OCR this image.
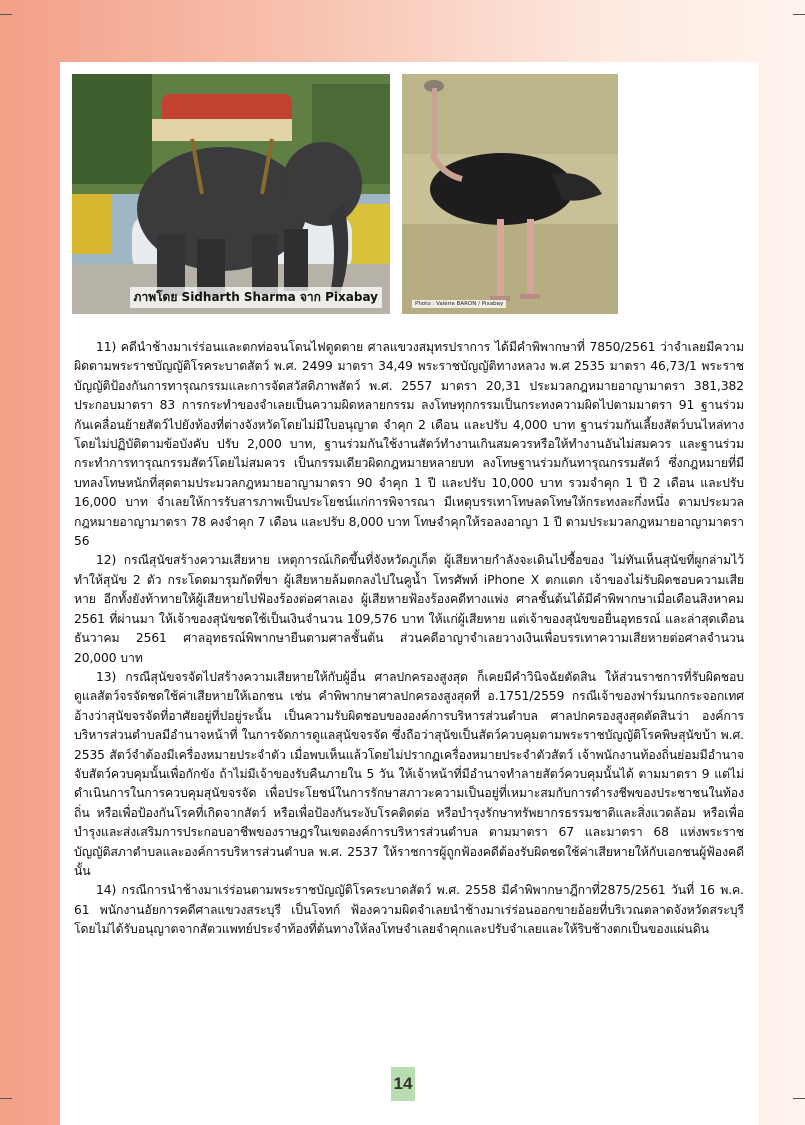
ภาพโดย Sidharth Sharma จาก Pixabay	Photo : Valérie BARON / Pixabay

11) คดีนำช้างมาเร่ร่อนและตกท่อจนโดนไฟดูดตาย ศาลแขวงสมุทรปราการ ได้มีคำพิพากษาที่ 7850/2561 ว่าจำเลยมีความผิดตามพระราชบัญญัติโรคระบาดสัตว์ พ.ศ. 2499 มาตรา 34,49 พระราชบัญญัติทางหลวง พ.ศ 2535 มาตรา 46,73/1 พระราชบัญญัติป้องกันการทารุณกรรมและการจัดสวัสดิภาพสัตว์ พ.ศ. 2557 มาตรา 20,31 ประมวลกฎหมายอาญามาตรา 381,382 ประกอบมาตรา 83 การกระทำของจำเลยเป็นความผิดหลายกรรม ลงโทษทุกกรรมเป็นกระทงความผิดไปตามมาตรา 91 ฐานร่วมกันเคลื่อนย้ายสัตว์ไปยังท้องที่ต่างจังหวัดโดยไม่มีใบอนุญาต จำคุก 2 เดือน และปรับ 4,000 บาท ฐานร่วมกันเลี้ยงสัตว์บนไหล่ทางโดยไม่ปฏิบัติตามข้อบังคับ ปรับ 2,000 บาท, ฐานร่วมกันใช้งานสัตว์ทำงานเกินสมควรหรือให้ทำงานอันไม่สมควร และฐานร่วมกระทำการทารุณกรรมสัตว์โดยไม่สมควร เป็นกรรมเดียวผิดกฎหมายหลายบท ลงโทษฐานร่วมกันทารุณกรรมสัตว์ ซึ่งกฎหมายที่มีบทลงโทษหนักที่สุดตามประมวลกฎหมายอาญามาตรา 90 จำคุก 1 ปี และปรับ 10,000 บาท รวมจำคุก 1 ปี 2 เดือน และปรับ 16,000 บาท จำเลยให้การรับสารภาพเป็นประโยชน์แก่การพิจารณา มีเหตุบรรเทาโทษลดโทษให้กระทงละกึ่งหนึ่ง ตามประมวลกฎหมายอาญามาตรา 78 คงจำคุก 7 เดือน และปรับ 8,000 บาท โทษจำคุกให้รอลงอาญา 1 ปี ตามประมวลกฎหมายอาญามาตรา 56

12) กรณีสุนัขสร้างความเสียหาย เหตุการณ์เกิดขึ้นที่จังหวัดภูเก็ต ผู้เสียหายกำลังจะเดินไปซื้อของ ไม่ทันเห็นสุนัขที่ผูกล่ามไว้ ทำให้สุนัข 2 ตัว กระโดดมารุมกัดที่ขา ผู้เสียหายล้มตกลงไปในคูน้ำ โทรศัพท์ iPhone X ตกแตก เจ้าของไม่รับผิดชอบความเสียหาย อีกทั้งยังท้าทายให้ผู้เสียหายไปฟ้องร้องต่อศาลเอง ผู้เสียหายฟ้องร้องคดีทางแพ่ง ศาลชั้นต้นได้มีคำพิพากษาเมื่อเดือนสิงหาคม 2561 ที่ผ่านมา ให้เจ้าของสุนัขชดใช้เป็นเงินจำนวน 109,576 บาท ให้แก่ผู้เสียหาย แต่เจ้าของสุนัขขอยื่นอุทธรณ์ และล่าสุดเดือนธันวาคม 2561 ศาลอุทธรณ์พิพากษายืนตามศาลชั้นต้น ส่วนคดีอาญาจำเลยวางเงินเพื่อบรรเทาความเสียหายต่อศาลจำนวน 20,000 บาท

13) กรณีสุนัขจรจัดไปสร้างความเสียหายให้กับผู้อื่น ศาลปกครองสูงสุด ก็เคยมีคำวินิจฉัยตัดสิน ให้ส่วนราชการที่รับผิดชอบดูแลสัตว์จรจัดชดใช้ค่าเสียหายให้เอกชน เช่น คำพิพากษาศาลปกครองสูงสุดที่ อ.1751/2559 กรณีเจ้าของฟาร์มนกกระจอกเทศ อ้างว่าสุนัขจรจัดที่อาศัยอยู่ที่ปอยู่ระนั้น เป็นความรับผิดชอบขององค์การบริหารส่วนตำบล ศาลปกครองสูงสุดตัดสินว่า องค์การบริหารส่วนตำบลมีอำนาจหน้าที่ ในการจัดการดูแลสุนัขจรจัด ซึ่งถือว่าสุนัขเป็นสัตว์ควบคุมตามพระราชบัญญัติโรคพิษสุนัขบ้า พ.ศ. 2535 สัตว์จำต้องมีเครื่องหมายประจำตัว เมื่อพบเห็นแล้วโดยไม่ปรากฏเครื่องหมายประจำตัวสัตว์ เจ้าพนักงานท้องถิ่นย่อมมีอำนาจจับสัตว์ควบคุมนั้นเพื่อกักขัง ถ้าไม่มีเจ้าของรับคืนภายใน 5 วัน ให้เจ้าหน้าที่มีอำนาจทำลายสัตว์ควบคุมนั้นได้ ตามมาตรา 9 แต่ไม่ดำเนินการในการควบคุมสุนัขจรจัด เพื่อประโยชน์ในการรักษาสภาวะความเป็นอยู่ที่เหมาะสมกับการดำรงชีพของประชาชนในท้องถิ่น หรือเพื่อป้องกันโรคที่เกิดจากสัตว์ หรือเพื่อป้องกันระงับโรคติดต่อ หรือบำรุงรักษาทรัพยากรธรรมชาติและสิ่งแวดล้อม หรือเพื่อบำรุงและส่งเสริมการประกอบอาชีพของราษฎรในเขตองค์การบริหารส่วนตำบล ตามมาตรา 67 และมาตรา 68 แห่งพระราชบัญญัติสภาตำบลและองค์การบริหารส่วนตำบล พ.ศ. 2537 ให้ราชการผู้ถูกฟ้องคดีต้องรับผิดชดใช้ค่าเสียหายให้กับเอกชนผู้ฟ้องคดีนั้น

14) กรณีการนำช้างมาเร่ร่อนตามพระราชบัญญัติโรคระบาดสัตว์ พ.ศ. 2558 มีคำพิพากษาฎีกาที่2875/2561 วันที่ 16 พ.ค. 61 พนักงานอัยการคดีศาลแขวงสระบุรี เป็นโจทก์ ฟ้องความผิดจำเลยนำช้างมาเร่ร่อนออกขายอ้อยที่บริเวณตลาดจังหวัดสระบุรีโดยไม่ได้รับอนุญาตจากสัตวแพทย์ประจำท้องที่ต้นทางให้ลงโทษจำเลยจำคุกและปรับจำเลยและให้ริบช้างตกเป็นของแผ่นดิน

14
